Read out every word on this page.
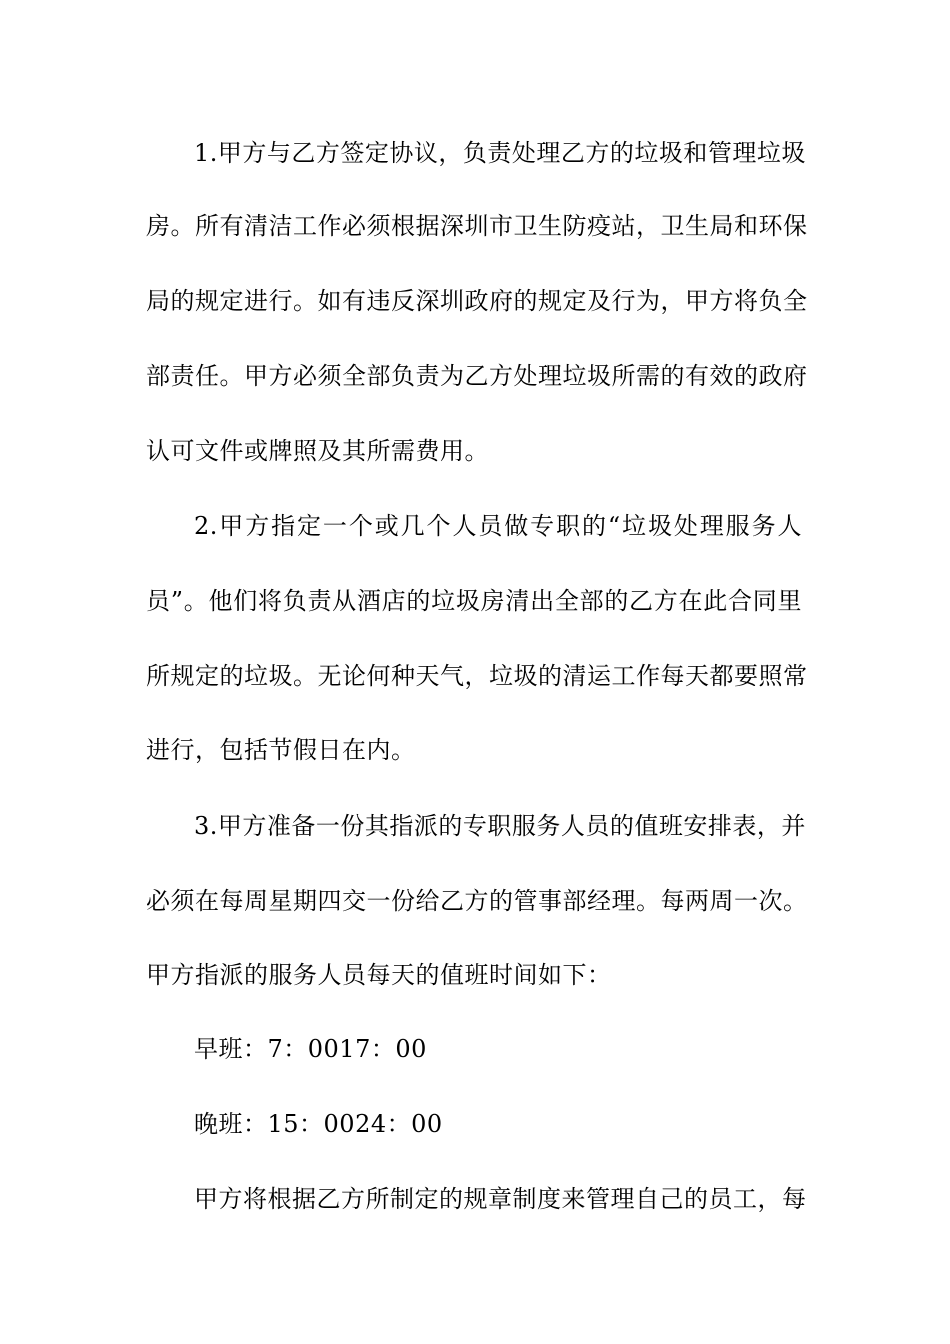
1.甲方与乙方签定协议，负责处理乙方的垃圾和管理垃圾

房。所有清洁工作必须根据深圳市卫生防疫站，卫生局和环保

局的规定进行。如有违反深圳政府的规定及行为，甲方将负全

部责任。甲方必须全部负责为乙方处理垃圾所需的有效的政府

认可文件或牌照及其所需费用。

2.甲方指定一个或几个人员做专职的“垃圾处理服务人

员”。他们将负责从酒店的垃圾房清出全部的乙方在此合同里

所规定的垃圾。无论何种天气，垃圾的清运工作每天都要照常

进行，包括节假日在内。

3.甲方准备一份其指派的专职服务人员的值班安排表，并

必须在每周星期四交一份给乙方的管事部经理。每两周一次。

甲方指派的服务人员每天的值班时间如下：

早班：7：0017：00

晚班：15：0024：00

甲方将根据乙方所制定的规章制度来管理自己的员工，每
